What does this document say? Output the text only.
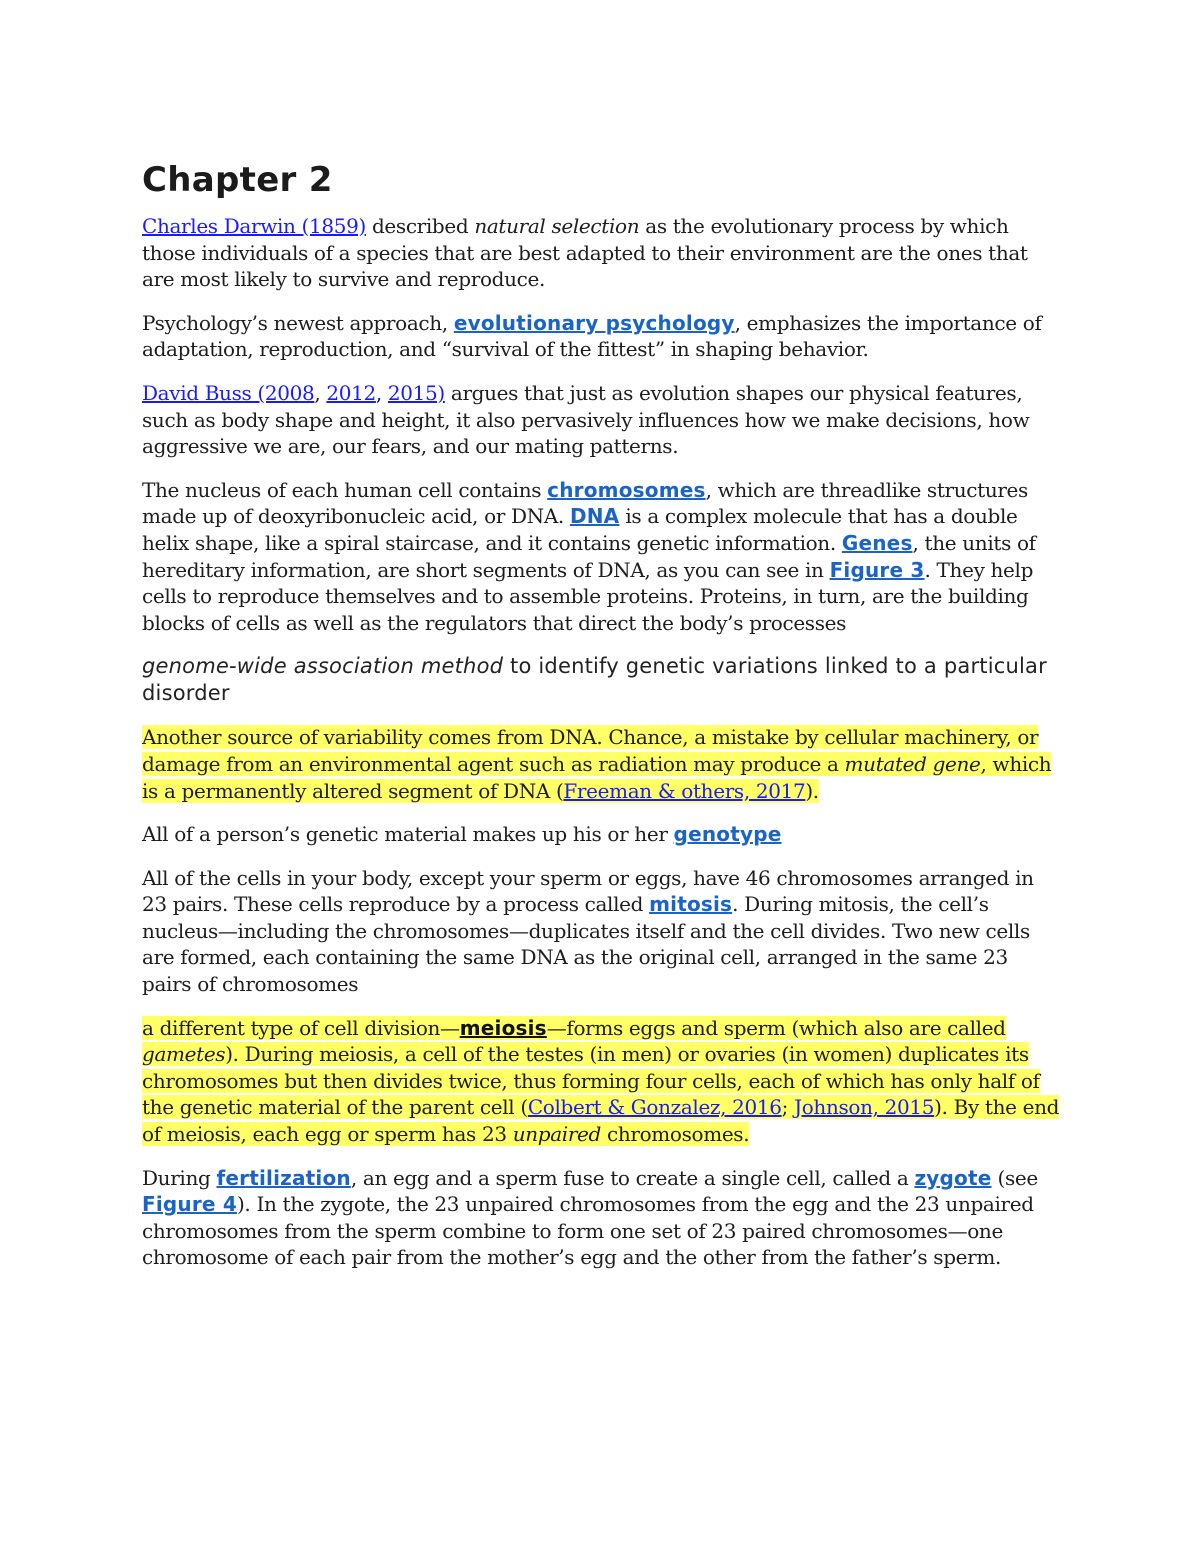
Chapter 2

Charles Darwin (1859) described natural selection as the evolutionary process by which those individuals of a species that are best adapted to their environment are the ones that are most likely to survive and reproduce.

Psychology’s newest approach, evolutionary psychology, emphasizes the importance of adaptation, reproduction, and “survival of the fittest” in shaping behavior.

David Buss (2008, 2012, 2015) argues that just as evolution shapes our physical features, such as body shape and height, it also pervasively influences how we make decisions, how aggressive we are, our fears, and our mating patterns.

The nucleus of each human cell contains chromosomes, which are threadlike structures made up of deoxyribonucleic acid, or DNA. DNA is a complex molecule that has a double helix shape, like a spiral staircase, and it contains genetic information. Genes, the units of hereditary information, are short segments of DNA, as you can see in Figure 3. They help cells to reproduce themselves and to assemble proteins. Proteins, in turn, are the building blocks of cells as well as the regulators that direct the body’s processes

genome-wide association method to identify genetic variations linked to a particular disorder

Another source of variability comes from DNA. Chance, a mistake by cellular machinery, or damage from an environmental agent such as radiation may produce a mutated gene, which is a permanently altered segment of DNA (Freeman & others, 2017).

All of a person’s genetic material makes up his or her genotype

All of the cells in your body, except your sperm or eggs, have 46 chromosomes arranged in 23 pairs. These cells reproduce by a process called mitosis. During mitosis, the cell’s nucleus—including the chromosomes—duplicates itself and the cell divides. Two new cells are formed, each containing the same DNA as the original cell, arranged in the same 23 pairs of chromosomes

a different type of cell division—meiosis—forms eggs and sperm (which also are called gametes). During meiosis, a cell of the testes (in men) or ovaries (in women) duplicates its chromosomes but then divides twice, thus forming four cells, each of which has only half of the genetic material of the parent cell (Colbert & Gonzalez, 2016; Johnson, 2015). By the end of meiosis, each egg or sperm has 23 unpaired chromosomes.

During fertilization, an egg and a sperm fuse to create a single cell, called a zygote (see Figure 4). In the zygote, the 23 unpaired chromosomes from the egg and the 23 unpaired chromosomes from the sperm combine to form one set of 23 paired chromosomes—one chromosome of each pair from the mother’s egg and the other from the father’s sperm.
